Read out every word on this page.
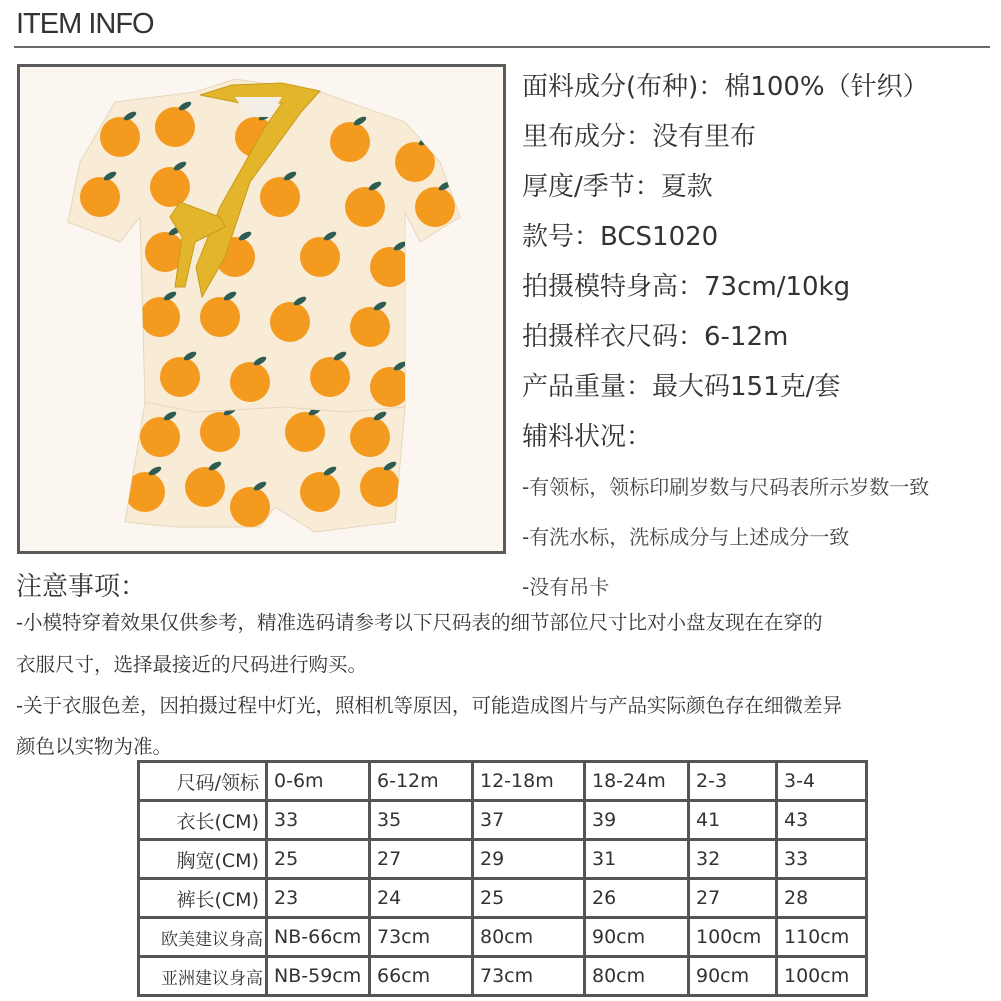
ITEM INFO
面料成分(布种)：棉100%（针织）
里布成分：没有里布
厚度/季节：夏款
款号：BCS1020
拍摄模特身高：73cm/10kg
拍摄样衣尺码：6-12m
产品重量：最大码151克/套
辅料状况：
-有领标，领标印刷岁数与尺码表所示岁数一致
-有洗水标，洗标成分与上述成分一致
-没有吊卡
注意事项：
-小模特穿着效果仅供参考，精准选码请参考以下尺码表的细节部位尺寸比对小盘友现在在穿的
衣服尺寸，选择最接近的尺码进行购买。
-关于衣服色差，因拍摄过程中灯光，照相机等原因，可能造成图片与产品实际颜色存在细微差异
颜色以实物为准。
尺码/领标	0-6m	6-12m	12-18m	18-24m	2-3	3-4
衣长(CM)	33	35	37	39	41	43
胸宽(CM)	25	27	29	31	32	33
裤长(CM)	23	24	25	26	27	28
欧美建议身高	NB-66cm	73cm	80cm	90cm	100cm	110cm
亚洲建议身高	NB-59cm	66cm	73cm	80cm	90cm	100cm
